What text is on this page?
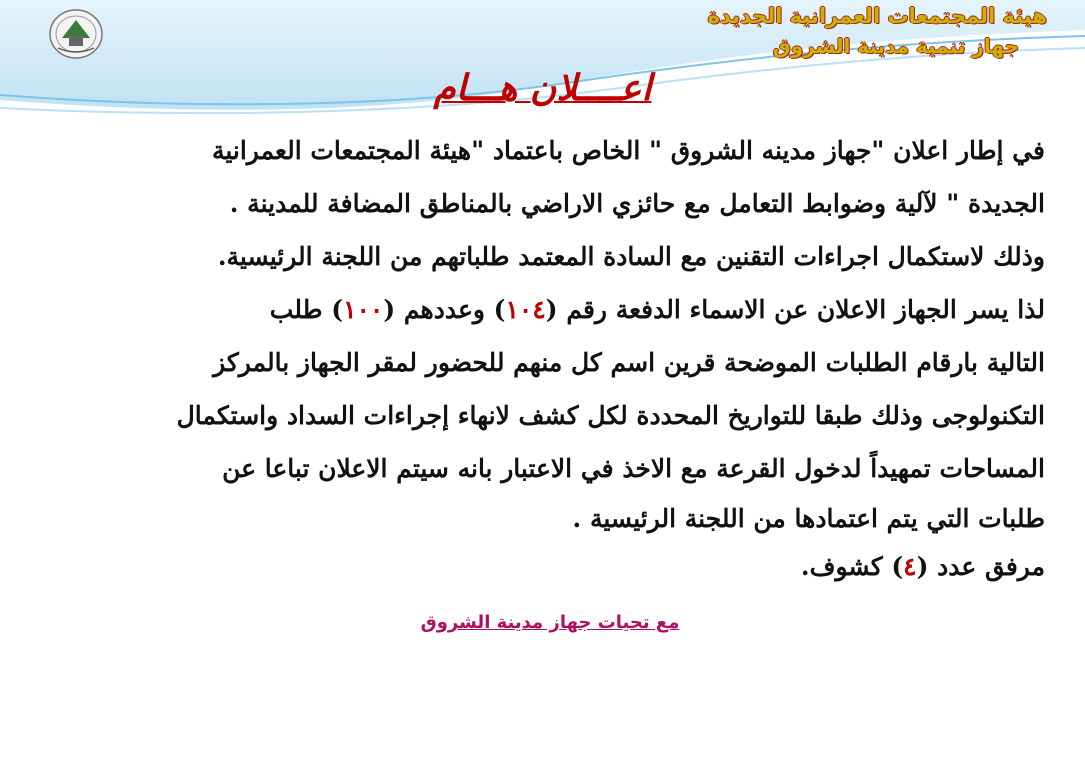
هيئة المجتمعات العمرانية الجديدة
جهاز تنمية مدينة الشروق
اعــــلان هـــام
في إطار اعلان "جهاز مدينه الشروق " الخاص باعتماد "هيئة المجتمعات العمرانية
الجديدة " لآلية وضوابط التعامل مع حائزي الاراضي بالمناطق المضافة للمدينة .
وذلك لاستكمال اجراءات التقنين مع السادة المعتمد طلباتهم من اللجنة الرئيسية.
لذا يسر الجهاز الاعلان عن الاسماء الدفعة رقم (١٠٤) وعددهم (١٠٠) طلب
التالية بارقام الطلبات الموضحة قرين اسم كل منهم للحضور لمقر الجهاز بالمركز
التكنولوجى وذلك طبقا للتواريخ المحددة لكل كشف لانهاء إجراءات السداد واستكمال
المساحات تمهيداً لدخول القرعة مع الاخذ في الاعتبار بانه سيتم الاعلان تباعا عن
طلبات التي يتم اعتمادها من اللجنة الرئيسية .
مرفق عدد (٤) كشوف.
مع تحيات جهاز مدينة الشروق
